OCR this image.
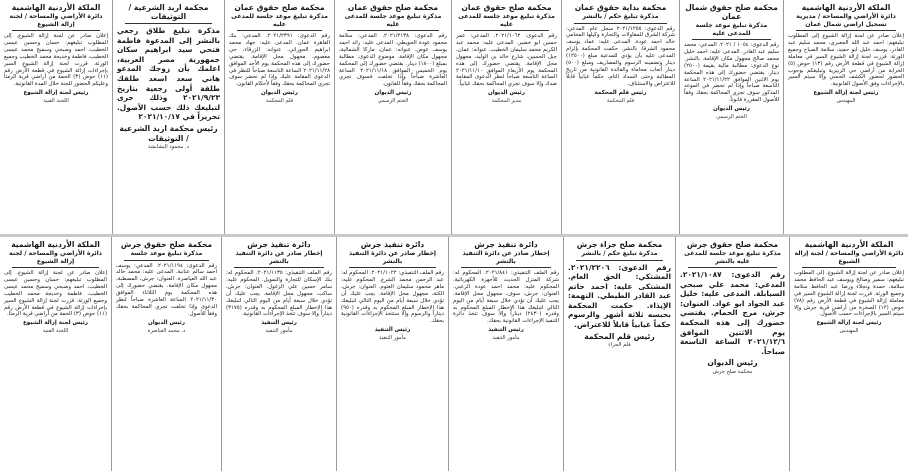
الملكة الأردنية الهاشمية
دائرة الأراضي والمساحة / مديرية تسجيل اراضي شمال عمان
إعلان صادر عن لجنة إزالة الشيوع إلى المطلوب تبليغهم: احمد عبد الله الجعبري، محمد سليم عبد القادر، يوسف خليل ابو حميد، سلامة الصباح وجميع الورثة. قررت لجنة إزالة الشيوع السير في معاملة إزالة الشيوع في قطعة الأرض رقم (١٣) حوض (٥) الخرابة من أراضي حي الزبيرية وتبليغكم بوجوب الحضور لحضور الكشف الحسي وإلا سيتم السير بالإجراءات وفق الأصول القانونية.
رئيس لجنة إزالة الشيوع
المهندس
محكمة صلح حقوق شمال عمان
مذكرة تبليغ موعد جلسة للمدعى عليه
رقم الدعوى: ١٠٥٤ / ٢٠٢١. المدعي: محمد سليم عبد القادر. المدعى عليه: احمد خليل محمد صالح مجهول مكان الإقامة. بالنشر. نوع الدعوى: مطالبة مالية بقيمة (٢٥٠٠) دينار. يقتضي حضورك إلى هذه المحكمة يوم الاثنين الموافق ٢٠٢١/١١/٢٢ الساعة التاسعة صباحاً وإذا لم تحضر في الموعد المذكور سوف تجري المحاكمة بحقك وفقاً للأصول المقررة قانوناً.
رئيس الديوان
الختم الرسمي
محكمة بداية حقوق عمان
مذكرة تبليغ حكم / بالنشر
رقم الدعوى: ٢٠٢١/١٢٥٥ سجل عام. المدعي: شركة الشرق للمقاولات والتجارة وكيلها المحامي خالد احمد عودة. المدعى عليه: عماد يوسف محمود الشرفا. بالنشر. حكمت المحكمة بإلزام المدعى عليه بأن يؤدي للمدعية مبلغ (١٢٥٠٠) دينار وتضمينه الرسوم والمصاريف ومبلغ (٥٠٠) دينار أتعاب محاماة والفائدة القانونية من تاريخ المطالبة وحتى السداد التام، حكماً غيابياً قابلاً للاعتراض والاستئناف.
رئيس قلم المحكمة
قلم المحكمة
محكمة صلح حقوق عمان
مذكرة تبليغ موعد جلسة للمدعى عليه
رقم الدعوى: ٢٠٢١/١٠٦٢. المدعي: عمر حسين ابو خضير. المدعى عليه: محمد عبد الكريم محمد سليمان الخطيب. عنوانه: عمان، جبل الحسين، شارع خالد بن الوليد، مجهول محل الإقامة. يقتضي حضورك إلى هذه المحكمة يوم الأربعاء الموافق ٢٠٢١/١١/١٠ الساعة التاسعة صباحاً لنظر الدعوى المقامة ضدك وإلا سوف تجري المحاكمة بحقك غيابياً.
رئيس الديوان
مدير المحكمة
محكمة صلح حقوق عمان
مذكرة تبليغ موعد جلسة للمدعى عليه
رقم الدعوى: ٢٠٢١/٢١٣٨. المدعي: سلامة محمود عودة الحويطي. المدعى عليه: رائد احمد يوسف عوض. عنوانه: عمان، ماركا الشمالية، مجهول مكان الإقامة. موضوع الدعوى: مطالبة بمبلغ (١٨٠٠) دينار. يقتضي حضورك إلى المحكمة يوم الخميس الموافق ٢٠٢١/١١/١٨ الساعة العاشرة صباحاً وإذا تخلفت فسوف تجري المحاكمة بحقك وفقاً للقانون.
رئيس الديوان
الختم الرسمي
محكمة صلح حقوق عمان
مذكرة تبليغ موعد جلسة للمدعى عليه
رقم الدعوى: ٢٠٢١/٢٣٩١. المدعي: بنك القاهرة عمان. المدعى عليه: جهاد محمد ابراهيم الحوراني. عنوانه: الزرقاء، حي معصوم، مجهول محل الإقامة. يقتضي حضورك إلى هذه المحكمة يوم الأحد الموافق ٢٠٢١/١١/٢٨ الساعة التاسعة صباحاً للنظر في الدعوى المقامة عليك وإذا لم تحضر سوف تجري المحاكمة بحقك وفقاً لأحكام القانون.
رئيس الديوان
قلم المحكمة
محكمة اربد الشرعية / التوثيقات
مذكرة تبليغ طلاق رجعي بالنشر إلى المدعوة فاطمة فتحي سيد ابراهيم سكان جمهورية مصر العربية، اعلمك بأن زوجك المدعو هاني سعد اسعد طلقك طلقة أولى رجعية بتاريخ ٢٠٢١/٩/٢٣ وذلك جرى لتبليغك ذلك حسب الأصول. تحريراً في ٢٠٢١/١٠/١٧
رئيس محكمة اربد الشرعية / التوثيقات
د. محمود البشابشة
الملكة الأردنية الهاشمية
دائرة الأراضي والمساحة / لجنة إزالة الشيوع
إعلان صادر عن لجنة إزالة الشيوع. إلى المطلوب تبليغهم: حسان وحسين عيسى الخطيب، احمد وصبحي وسميح محمد عيسى الخطيب، فاطمة وخديجة محمد الخطيب وجميع الورثة. قررت لجنة إزالة الشيوع السير بإجراءات إزالة الشيوع في قطعة الأرض رقم (١١) حوض (٣) الحمة من أراضي قرية الرمثا وعليكم الحضور للجنة خلال المدة القانونية.
رئيس لجنة إزالة الشيوع
اللجنة الفنية
الملكة الأردنية الهاشمية
دائرة الأراضي والمساحة / لجنة إزالة الشيوع
إعلان صادر عن لجنة إزالة الشيوع. إلى المطلوب تبليغهم: سمير وصالح ويوسف عبد الحافظ محمد سلامة، حمدة ونجلاء ورضا عبد الحافظ سلامة وجميع الورثة. قررت لجنة إزالة الشيوع السير في معاملة إزالة الشيوع في قطعة الأرض رقم (٧٨) حوض (١٢) الصخرة من أراضي قرية جرش وإلا سيتم السير بالإجراءات حسب الأصول.
رئيس لجنة إزالة الشيوع
المهندس
محكمة صلح حقوق جرش
مذكرة تبليغ موعد جلسة للمدعى عليه بالنشر
رقم الدعوى: ٢٠٢١/١٠٨٧. المدعي: محمد علي صبحي السبابلة. المدعى عليه: خليل عبد الجواد ابو عواد. العنوان: جرش، مرج الحمام. يقتضي حضورك إلى هذه المحكمة يوم الاثنين الموافق ٢٠٢١/١٢/٦ الساعة التاسعة صباحاً.
رئيس الديوان
محكمة صلح جرش
محكمة صلح جزاء جرش
مذكرة تبليغ حكم / بالنشر
رقم الدعوى: ٢٠٢١/٢٢٠٦. المشتكي: الحق العام. المشتكى عليه: احمد حاتم عبد القادر الطيطي. التهمة: الإيذاء. حكمت المحكمة بحبسه ثلاثة أشهر والرسوم حكماً غيابياً قابلاً للاعتراض.
رئيس قلم المحكمة
قلم الجزاء
دائرة تنفيذ جرش
إخطار صادر عن دائرة التنفيذ بالنشر
رقم الملف التنفيذي: ٢٠٢١/٨٤١. المحكوم له: شركة المنزل الحديث للأجهزة الكهربائية. المحكوم عليه: محمد احمد عودة الزعبي. العنوان: جرش، سوف، مجهول محل الإقامة. يجب عليك أن تؤدي خلال سبعة أيام من اليوم التالي لتبليغك هذا الإخطار المبلغ المحكوم به وقدره (٢٤٣٠) ديناراً وإلا سوف تتخذ دائرة التنفيذ الإجراءات القانونية بحقك.
رئيس التنفيذ
مأمور التنفيذ
دائرة تنفيذ جرش
إخطار صادر عن دائرة التنفيذ بالنشر
رقم الملف التنفيذي: ٢٠٢١/١٠٢٢. المحكوم له: عبد الرحمن محمد الشرع. المحكوم عليه: ماهر محمود سليمان العتوم. العنوان: جرش، الكتة، مجهول محل الإقامة. يجب عليك أن تؤدي خلال سبعة أيام من اليوم التالي لتبليغك هذا الإخطار المبلغ المحكوم به وقدره (٩٥٠) ديناراً والرسوم وإلا ستتخذ الإجراءات القانونية بحقك.
رئيس التنفيذ
مأمور التنفيذ
دائرة تنفيذ جرش
إخطار صادر عن دائرة التنفيذ بالنشر
رقم الملف التنفيذي: ٢٠٢١/١١٣٥. المحكوم له: بنك الإسكان للتجارة والتمويل. المحكوم عليه: سامر حسين علي الزغول. العنوان: جرش، ساكب، مجهول محل الإقامة. يجب عليك أن تؤدي خلال سبعة أيام من اليوم التالي لتبليغك هذا الإخطار المبلغ المحكوم به وقدره (٣١٧٥) ديناراً وإلا سوف تتخذ الإجراءات القانونية.
رئيس التنفيذ
مأمور التنفيذ
محكمة صلح حقوق جرش
مذكرة تبليغ موعد جلسة
رقم الدعوى: ٢٠٢١/١١٩٤. المدعي: يوسف احمد سالم عنانبة. المدعى عليه: محمد خالد عبد الله العياصرة. العنوان: جرش، المصطبة، مجهول مكان الإقامة. يقتضي حضورك إلى هذه المحكمة يوم الثلاثاء الموافق ٢٠٢١/١١/٣٠ الساعة العاشرة صباحاً لنظر الدعوى وإذا تخلفت تجري المحاكمة بحقك وفقاً للأصول.
رئيس الديوان
د. محمد العياصرة
الملكة الأردنية الهاشمية
دائرة الأراضي والمساحة / لجنة إزالة الشيوع
إعلان صادر عن لجنة إزالة الشيوع. إلى المطلوب تبليغهم: حسان وحسين عيسى الخطيب، احمد وصبحي وسميح محمد عيسى الخطيب، فاطمة وخديجة محمد الخطيب وجميع الورثة. قررت لجنة إزالة الشيوع السير بإجراءات إزالة الشيوع في قطعة الأرض رقم (١١) حوض (٣) الحمة من أراضي قرية الرمثا.
رئيس لجنة إزالة الشيوع
اللجنة الفنية
